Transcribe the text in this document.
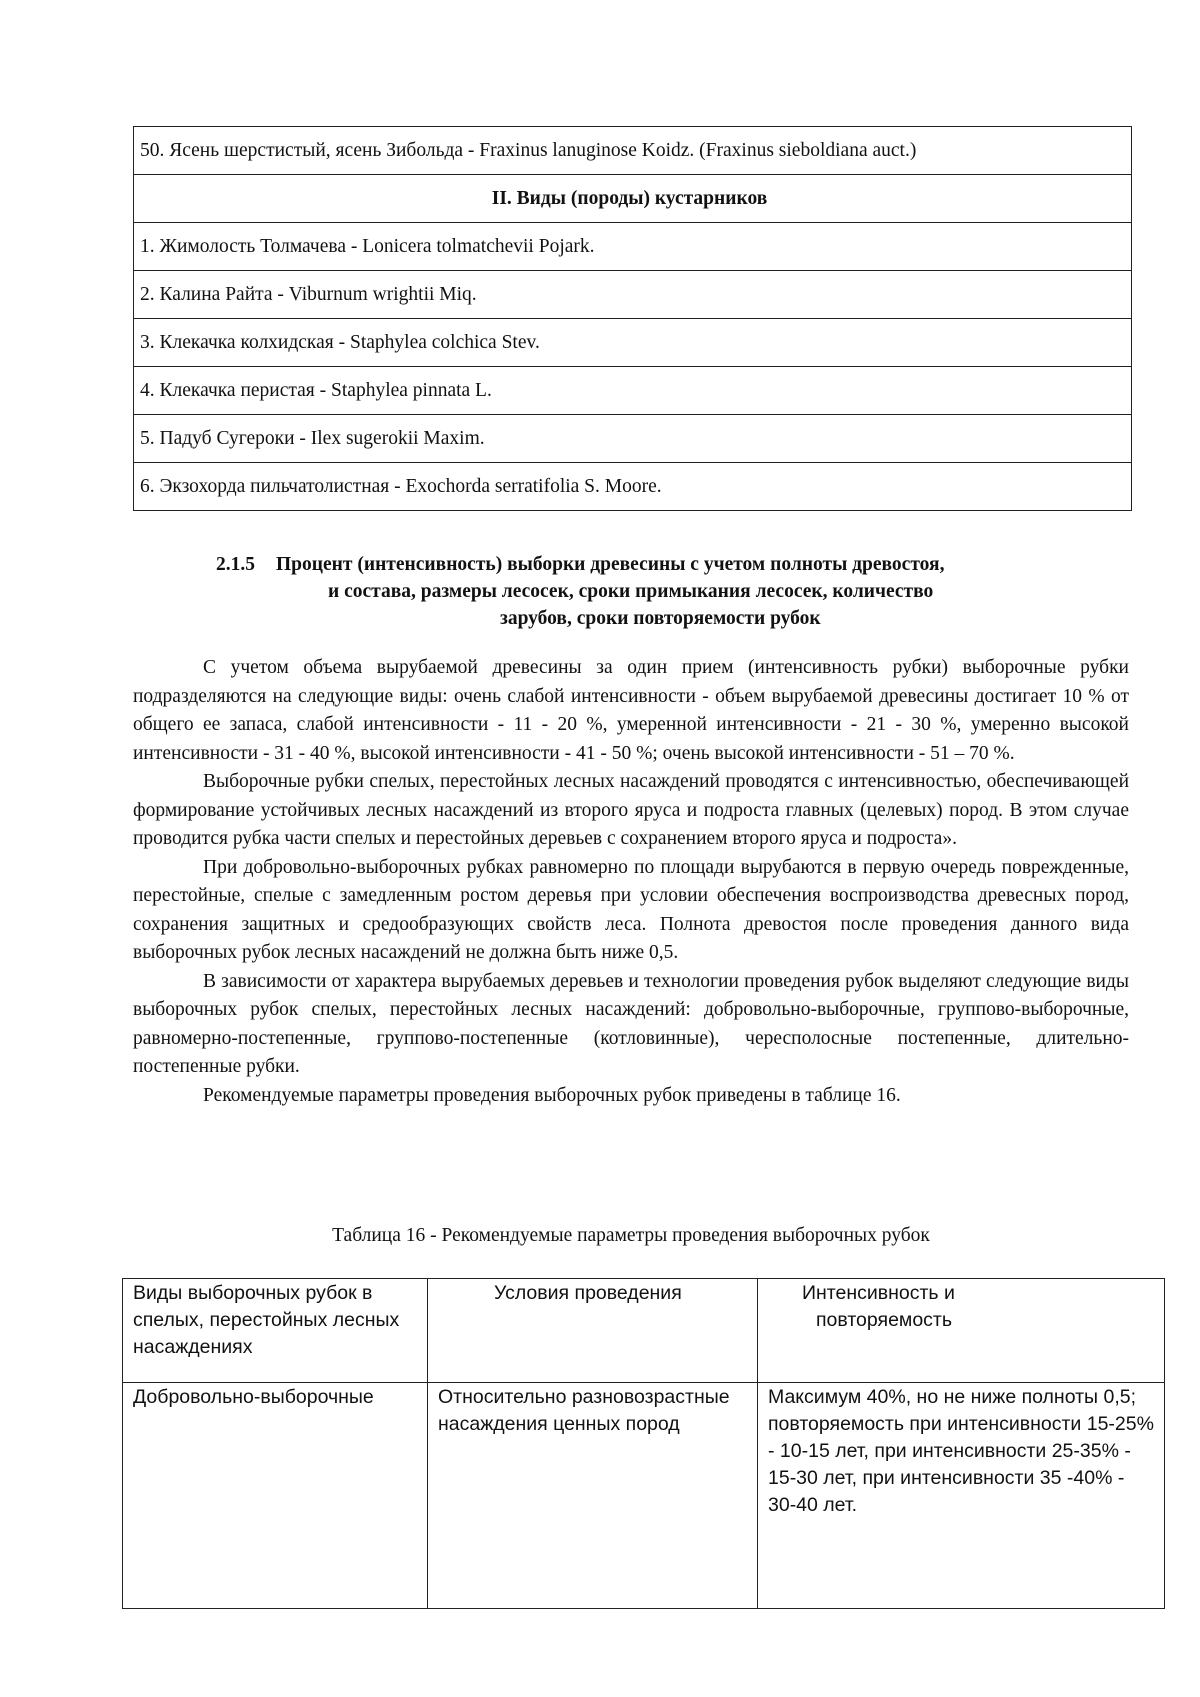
50. Ясень шерстистый, ясень Зибольда - Fraxinus lanuginose Koidz. (Fraxinus sieboldiana auct.)
II. Виды (породы) кустарников
1. Жимолость Толмачева - Lonicera tolmatchevii Pojark.
2. Калина Райта - Viburnum wrightii Miq.
3. Клекачка колхидская - Staphylea colchica Stev.
4. Клекачка перистая - Staphylea pinnata L.
5. Падуб Сугероки - Ilex sugerokii Maxim.
6. Экзохорда пильчатолистная - Exochorda serratifolia S. Moore.
2.1.5 Процент (интенсивность) выборки древесины с учетом полноты древостоя,
и состава, размеры лесосек, сроки примыкания лесосек, количество
зарубов, сроки повторяемости рубок

С учетом объема вырубаемой древесины за один прием (интенсивность рубки) выборочные рубки подразделяются на следующие виды: очень слабой интенсивности - объем вырубаемой древесины достигает 10 % от общего ее запаса, слабой интенсивности - 11 - 20 %, умеренной интенсивности - 21 - 30 %, умеренно высокой интенсивности - 31 - 40 %, высокой интенсивности - 41 - 50 %; очень высокой интенсивности - 51 – 70 %.

Выборочные рубки спелых, перестойных лесных насаждений проводятся с интенсивностью, обеспечивающей формирование устойчивых лесных насаждений из второго яруса и подроста главных (целевых) пород. В этом случае проводится рубка части спелых и перестойных деревьев с сохранением второго яруса и подроста».

При добровольно-выборочных рубках равномерно по площади вырубаются в первую очередь поврежденные, перестойные, спелые с замедленным ростом деревья при условии обеспечения воспроизводства древесных пород, сохранения защитных и средообразующих свойств леса. Полнота древостоя после проведения данного вида выборочных рубок лесных насаждений не должна быть ниже 0,5.

В зависимости от характера вырубаемых деревьев и технологии проведения рубок выделяют следующие виды выборочных рубок спелых, перестойных лесных насаждений: добровольно-выборочные, группово-выборочные, равномерно-постепенные, группово-постепенные (котловинные), чересполосные постепенные, длительно-постепенные рубки.

Рекомендуемые параметры проведения выборочных рубок приведены в таблице 16.

Таблица 16 - Рекомендуемые параметры проведения выборочных рубок
Виды выборочных рубок в спелых, перестойных лесных насаждениях	Условия проведения	Интенсивность и
повторяемость

Добровольно-выборочные	Относительно разновозрастные насаждения ценных пород	Максимум 40%, но не ниже полноты 0,5; повторяемость при интенсивности 15-25% - 10-15 лет, при интенсивности 25-35% - 15-30 лет, при интенсивности 35 -40% - 30-40 лет.
